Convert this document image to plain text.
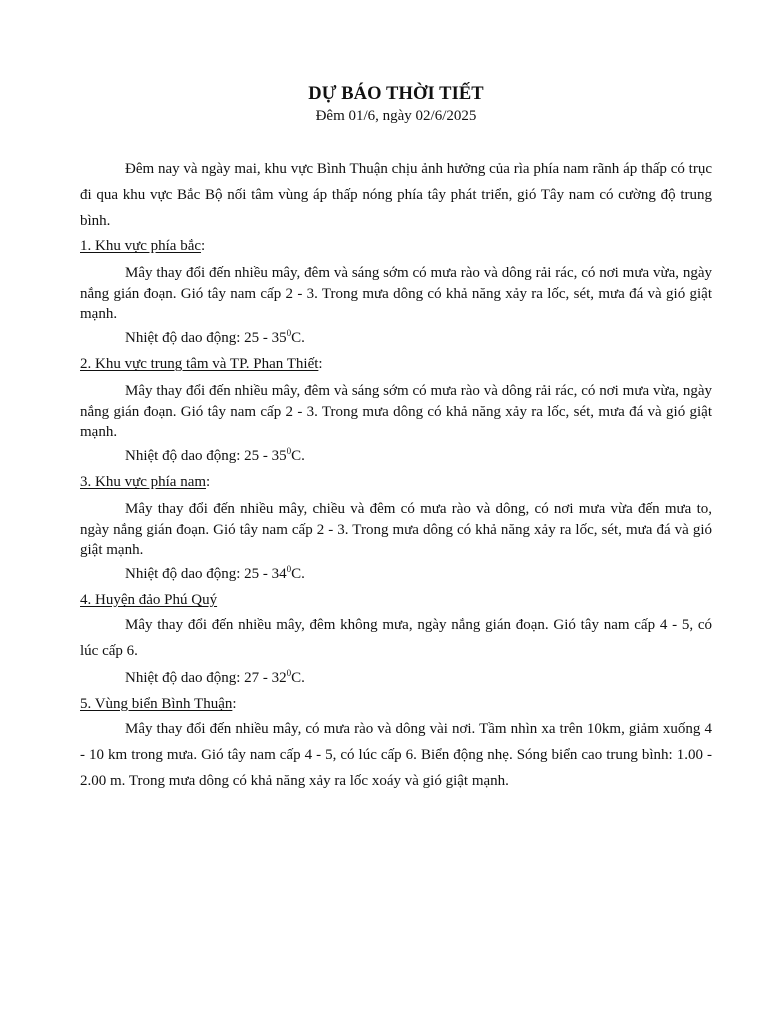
DỰ BÁO THỜI TIẾT
Đêm 01/6, ngày 02/6/2025

Đêm nay và ngày mai, khu vực Bình Thuận chịu ảnh hưởng của rìa phía nam rãnh áp thấp có trục đi qua khu vực Bắc Bộ nối tâm vùng áp thấp nóng phía tây phát triển, gió Tây nam có cường độ trung bình.

1. Khu vực phía bắc:

Mây thay đổi đến nhiều mây, đêm và sáng sớm có mưa rào và dông rải rác, có nơi mưa vừa, ngày nắng gián đoạn. Gió tây nam cấp 2 - 3. Trong mưa dông có khả năng xảy ra lốc, sét, mưa đá và gió giật mạnh.

Nhiệt độ dao động: $25 - 35^0C$.
2. Khu vực trung tâm và TP. Phan Thiết:

Mây thay đổi đến nhiều mây, đêm và sáng sớm có mưa rào và dông rải rác, có nơi mưa vừa, ngày nắng gián đoạn. Gió tây nam cấp 2 - 3. Trong mưa dông có khả năng xảy ra lốc, sét, mưa đá và gió giật mạnh.

Nhiệt độ dao động: $25 - 35^0C$.
3. Khu vực phía nam:

Mây thay đổi đến nhiều mây, chiều và đêm có mưa rào và dông, có nơi mưa vừa đến mưa to, ngày nắng gián đoạn. Gió tây nam cấp 2 - 3. Trong mưa dông có khả năng xảy ra lốc, sét, mưa đá và gió giật mạnh.

Nhiệt độ dao động: $25 - 34^0C$.
4. Huyện đảo Phú Quý

Mây thay đổi đến nhiều mây, đêm không mưa, ngày nắng gián đoạn. Gió tây nam cấp 4 - 5, có lúc cấp 6.

Nhiệt độ dao động: $27 - 32^0C$.
5. Vùng biển Bình Thuận:

Mây thay đổi đến nhiều mây, có mưa rào và dông vài nơi. Tầm nhìn xa trên 10km, giảm xuống 4 - 10 km trong mưa. Gió tây nam cấp 4 - 5, có lúc cấp 6. Biển động nhẹ. Sóng biển cao trung bình: 1.00 - 2.00 m. Trong mưa dông có khả năng xảy ra lốc xoáy và gió giật mạnh.
